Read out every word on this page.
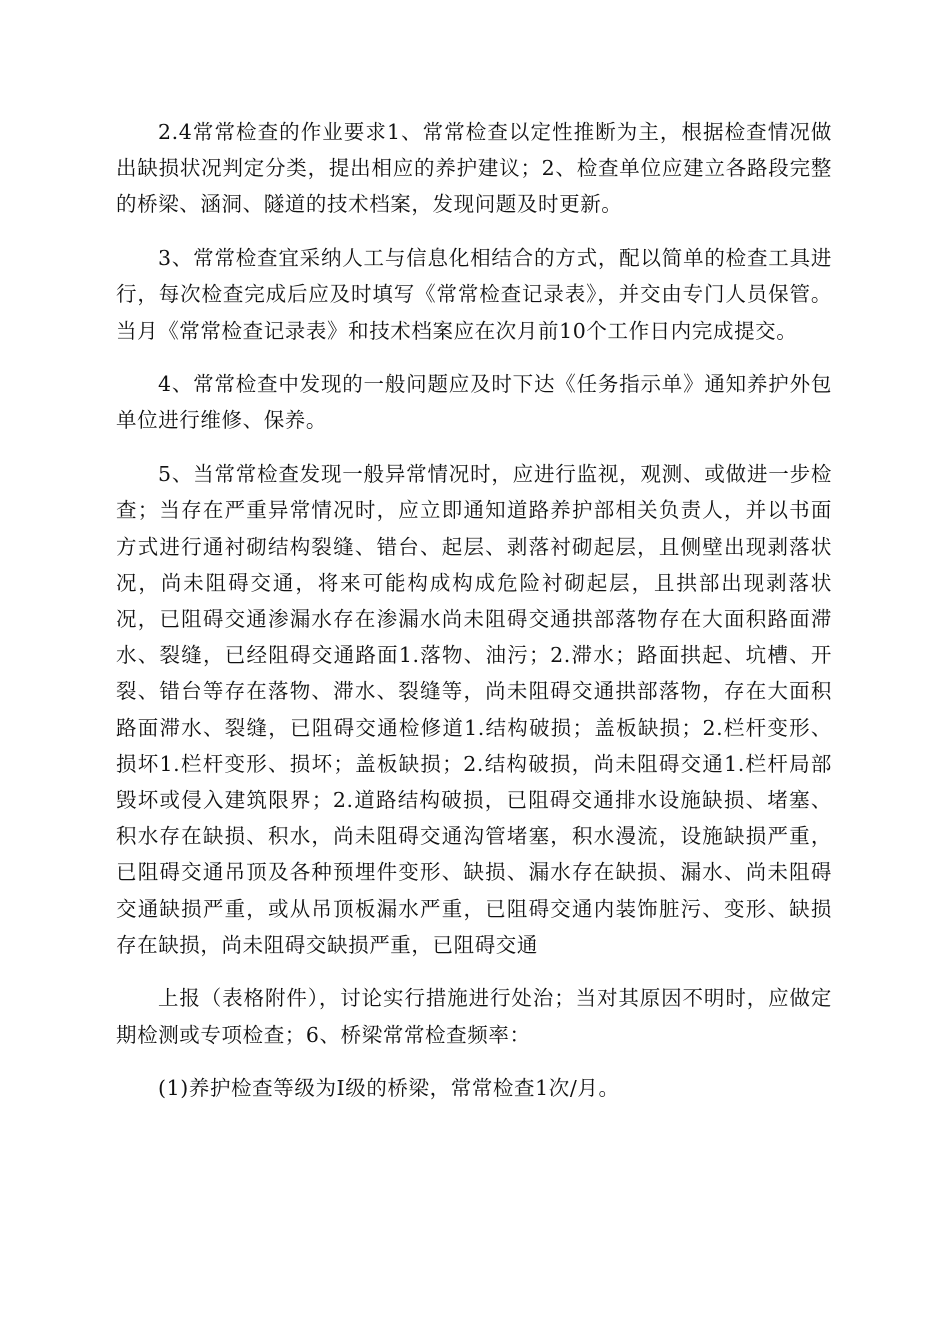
2.4常常检查的作业要求1、常常检查以定性推断为主，根据检查情况做出缺损状况判定分类，提出相应的养护建议；2、检查单位应建立各路段完整的桥梁、涵洞、隧道的技术档案，发现问题及时更新。

3、常常检查宜采纳人工与信息化相结合的方式，配以简单的检查工具进行，每次检查完成后应及时填写《常常检查记录表》，并交由专门人员保管。当月《常常检查记录表》和技术档案应在次月前10个工作日内完成提交。

4、常常检查中发现的一般问题应及时下达《任务指示单》通知养护外包单位进行维修、保养。

5、当常常检查发现一般异常情况时，应进行监视，观测、或做进一步检查；当存在严重异常情况时，应立即通知道路养护部相关负责人，并以书面方式进行通衬砌结构裂缝、错台、起层、剥落衬砌起层，且侧壁出现剥落状况，尚未阻碍交通，将来可能构成构成危险衬砌起层，且拱部出现剥落状况，已阻碍交通渗漏水存在渗漏水尚未阻碍交通拱部落物存在大面积路面滞水、裂缝，已经阻碍交通路面1.落物、油污；2.滞水；路面拱起、坑槽、开裂、错台等存在落物、滞水、裂缝等，尚未阻碍交通拱部落物，存在大面积路面滞水、裂缝，已阻碍交通检修道1.结构破损；盖板缺损；2.栏杆变形、损坏1.栏杆变形、损坏；盖板缺损；2.结构破损，尚未阻碍交通1.栏杆局部毁坏或侵入建筑限界；2.道路结构破损，已阻碍交通排水设施缺损、堵塞、积水存在缺损、积水，尚未阻碍交通沟管堵塞，积水漫流，设施缺损严重，已阻碍交通吊顶及各种预埋件变形、缺损、漏水存在缺损、漏水、尚未阻碍交通缺损严重，或从吊顶板漏水严重，已阻碍交通内装饰脏污、变形、缺损存在缺损，尚未阻碍交缺损严重，已阻碍交通

上报（表格附件），讨论实行措施进行处治；当对其原因不明时，应做定期检测或专项检查；6、桥梁常常检查频率：

(1)养护检查等级为Ⅰ级的桥梁，常常检查1次/月。
